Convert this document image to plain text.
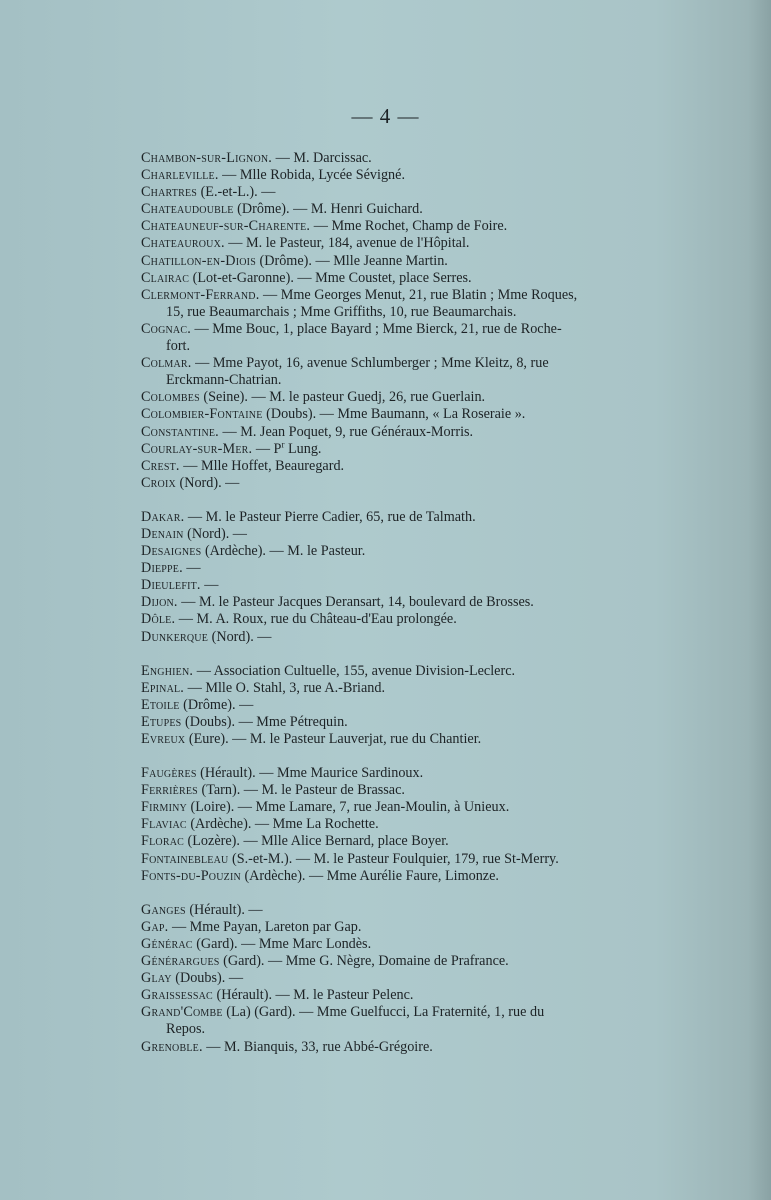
— 4 —
Chambon-sur-Lignon. — M. Darcissac.
Charleville. — Mlle Robida, Lycée Sévigné.
Chartres (E.-et-L.). —
Chateaudouble (Drôme). — M. Henri Guichard.
Chateauneuf-sur-Charente. — Mme Rochet, Champ de Foire.
Chateauroux. — M. le Pasteur, 184, avenue de l'Hôpital.
Chatillon-en-Diois (Drôme). — Mlle Jeanne Martin.
Clairac (Lot-et-Garonne). — Mme Coustet, place Serres.
Clermont-Ferrand. — Mme Georges Menut, 21, rue Blatin ; Mme Roques,
15, rue Beaumarchais ; Mme Griffiths, 10, rue Beaumarchais.
Cognac. — Mme Bouc, 1, place Bayard ; Mme Bierck, 21, rue de Roche-
fort.
Colmar. — Mme Payot, 16, avenue Schlumberger ; Mme Kleitz, 8, rue
Erckmann-Chatrian.
Colombes (Seine). — M. le pasteur Guedj, 26, rue Guerlain.
Colombier-Fontaine (Doubs). — Mme Baumann, « La Roseraie ».
Constantine. — M. Jean Poquet, 9, rue Généraux-Morris.
Courlay-sur-Mer. — $P^r$ Lung.
Crest. — Mlle Hoffet, Beauregard.
Croix (Nord). —
Dakar. — M. le Pasteur Pierre Cadier, 65, rue de Talmath.
Denain (Nord). —
Desaignes (Ardèche). — M. le Pasteur.
Dieppe. —
Dieulefit. —
Dijon. — M. le Pasteur Jacques Deransart, 14, boulevard de Brosses.
Dôle. — M. A. Roux, rue du Château-d'Eau prolongée.
Dunkerque (Nord). —
Enghien. — Association Cultuelle, 155, avenue Division-Leclerc.
Epinal. — Mlle O. Stahl, 3, rue A.-Briand.
Etoile (Drôme). —
Etupes (Doubs). — Mme Pétrequin.
Evreux (Eure). — M. le Pasteur Lauverjat, rue du Chantier.
Faugères (Hérault). — Mme Maurice Sardinoux.
Ferrières (Tarn). — M. le Pasteur de Brassac.
Firminy (Loire). — Mme Lamare, 7, rue Jean-Moulin, à Unieux.
Flaviac (Ardèche). — Mme La Rochette.
Florac (Lozère). — Mlle Alice Bernard, place Boyer.
Fontainebleau (S.-et-M.). — M. le Pasteur Foulquier, 179, rue St-Merry.
Fonts-du-Pouzin (Ardèche). — Mme Aurélie Faure, Limonze.
Ganges (Hérault). —
Gap. — Mme Payan, Lareton par Gap.
Générac (Gard). — Mme Marc Londès.
Générargues (Gard). — Mme G. Nègre, Domaine de Prafrance.
Glay (Doubs). —
Graissessac (Hérault). — M. le Pasteur Pelenc.
Grand'Combe (La) (Gard). — Mme Guelfucci, La Fraternité, 1, rue du
Repos.
Grenoble. — M. Bianquis, 33, rue Abbé-Grégoire.
